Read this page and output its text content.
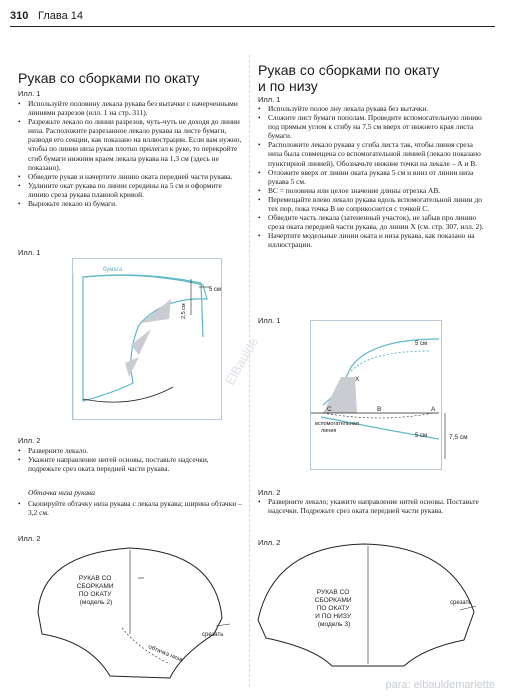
310 Глава 14
Рукав со сборками по окату
Илл. 1
• Используйте половину лекала рукава без вытачки с начерченными линиями разрезов (илл. 1 на стр. 311).
• Разрежьте лекало по линии разрезов, чуть-чуть не доходя до линии низа. Расположите разрезанное лекало рукава на листе бумаги, разводя его секции, как показано на иллюстрации. Если вам нужно, чтобы по линии низа рукав плотно прилегал к руке, то перекройте сгиб бумаги нижним краем лекала рукава на 1,3 см (здесь не показано).
• Обведите рукав и начертите линию оката передней части рукава.
• Удлините окат рукава по линии середины на 5 см и оформите линию среза рукава плавной кривой.
• Вырежьте лекало из бумаги.
Илл. 1
бумага
5 см
2,5 см
Илл. 2
• Разверните лекало.
• Укажите направление нитей основы, поставьте надсечки, подрежьте срез оката передней части рукава.
Обтачка низа рукава
• Скопируйте обтачку низа рукава с лекала рукава; ширина обтачки – 3,2 см.
Илл. 2
РУКАВ СО СБОРКАМИ ПО ОКАТУ (модель 2)
обтачка низа
срезать
Рукав со сборками по окату
и по низу
Илл. 1
• Используйте полое лну лекала рукава без вытачки.
• Сложите лист бумаги пополам. Проведите вспомогательную линию под прямым углом к сгибу на 7,5 см вверх от нижнего края листа бумаги.
• Расположите лекало рукава у сгиба листа так, чтобы линия среза низа была совмещена со вспомогательной линией (лекало показано пунктирной линией). Обозначьте нижние точки на лекале – А и В.
• Отложите вверх от линии оката рукава 5 см и вниз от линии низа рукава 5 см.
• ВС = половина или целое значение длины отрезка АВ.
• Перемещайте влево лекало рукава вдоль вспомогательной линии до тех пор, пока точка В не соприкоснется с точкой С.
• Обведите часть лекала (затененный участок), не забыв про линию среза оката передней части рукава, до линии Х (см. стр. 307, илл. 2).
• Начертите модельные линии оката и низа рукава, как показано на иллюстрации.
Илл. 1
X
C	B	A
5 см
5 см	7,5 см
вспомогательная линия
Илл. 2
• Разверните лекало; укажите направление нитей основы. Поставьте надсечки. Подрежьте срез оката передней части рукава.
Илл. 2
РУКАВ СО СБОРКАМИ ПО ОКАТУ И ПО НИЗУ (модель 3)
срезать
ElBaulde
para: elbauldemariette
